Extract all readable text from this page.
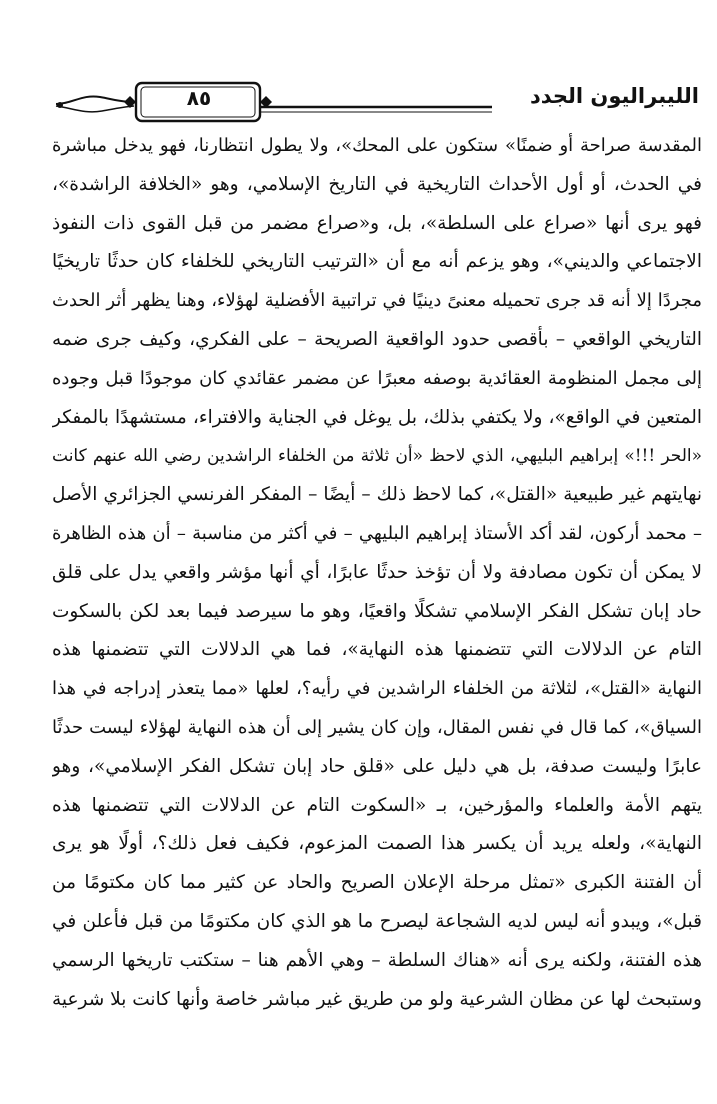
٨٥	الليبراليون الجدد
المقدسة صراحة أو ضمنًا» ستكون على المحك»، ولا يطول انتظارنا، فهو يدخل مباشرة
في الحدث، أو أول الأحداث التاريخية في التاريخ الإسلامي، وهو «الخلافة الراشدة»،
فهو يرى أنها «صراع على السلطة»، بل، و«صراع مضمر من قبل القوى ذات النفوذ
الاجتماعي والديني»، وهو يزعم أنه مع أن «الترتيب التاريخي للخلفاء كان حدثًا تاريخيًا
مجردًا إلا أنه قد جرى تحميله معنىً دينيًا في تراتبية الأفضلية لهؤلاء، وهنا يظهر أثر الحدث
التاريخي الواقعي – بأقصى حدود الواقعية الصريحة – على الفكري، وكيف جرى ضمه
إلى مجمل المنظومة العقائدية بوصفه معبرًا عن مضمر عقائدي كان موجودًا قبل وجوده
المتعين في الواقع»، ولا يكتفي بذلك، بل يوغل في الجناية والافتراء، مستشهدًا بالمفكر
«الحر !!!» إبراهيم البليهي، الذي لاحظ «أن ثلاثة من الخلفاء الراشدين رضي الله عنهم كانت
نهايتهم غير طبيعية «القتل»، كما لاحظ ذلك – أيضًا – المفكر الفرنسي الجزائري الأصل
– محمد أركون، لقد أكد الأستاذ إبراهيم البليهي – في أكثر من مناسبة – أن هذه الظاهرة
لا يمكن أن تكون مصادفة ولا أن تؤخذ حدثًا عابرًا، أي أنها مؤشر واقعي يدل على قلق
حاد إبان تشكل الفكر الإسلامي تشكلًا واقعيًا، وهو ما سيرصد فيما بعد لكن بالسكوت
التام عن الدلالات التي تتضمنها هذه النهاية»، فما هي الدلالات التي تتضمنها هذه
النهاية «القتل»، لثلاثة من الخلفاء الراشدين في رأيه؟، لعلها «مما يتعذر إدراجه في هذا
السياق»، كما قال في نفس المقال، وإن كان يشير إلى أن هذه النهاية لهؤلاء ليست حدثًا
عابرًا وليست صدفة، بل هي دليل على «قلق حاد إبان تشكل الفكر الإسلامي»، وهو
يتهم الأمة والعلماء والمؤرخين، بـ «السكوت التام عن الدلالات التي تتضمنها هذه
النهاية»، ولعله يريد أن يكسر هذا الصمت المزعوم، فكيف فعل ذلك؟، أولًا هو يرى
أن الفتنة الكبرى «تمثل مرحلة الإعلان الصريح والحاد عن كثير مما كان مكتومًا من
قبل»، ويبدو أنه ليس لديه الشجاعة ليصرح ما هو الذي كان مكتومًا من قبل فأعلن في
هذه الفتنة، ولكنه يرى أنه «هناك السلطة – وهي الأهم هنا – ستكتب تاريخها الرسمي
وستبحث لها عن مظان الشرعية ولو من طريق غير مباشر خاصة وأنها كانت بلا شرعية
